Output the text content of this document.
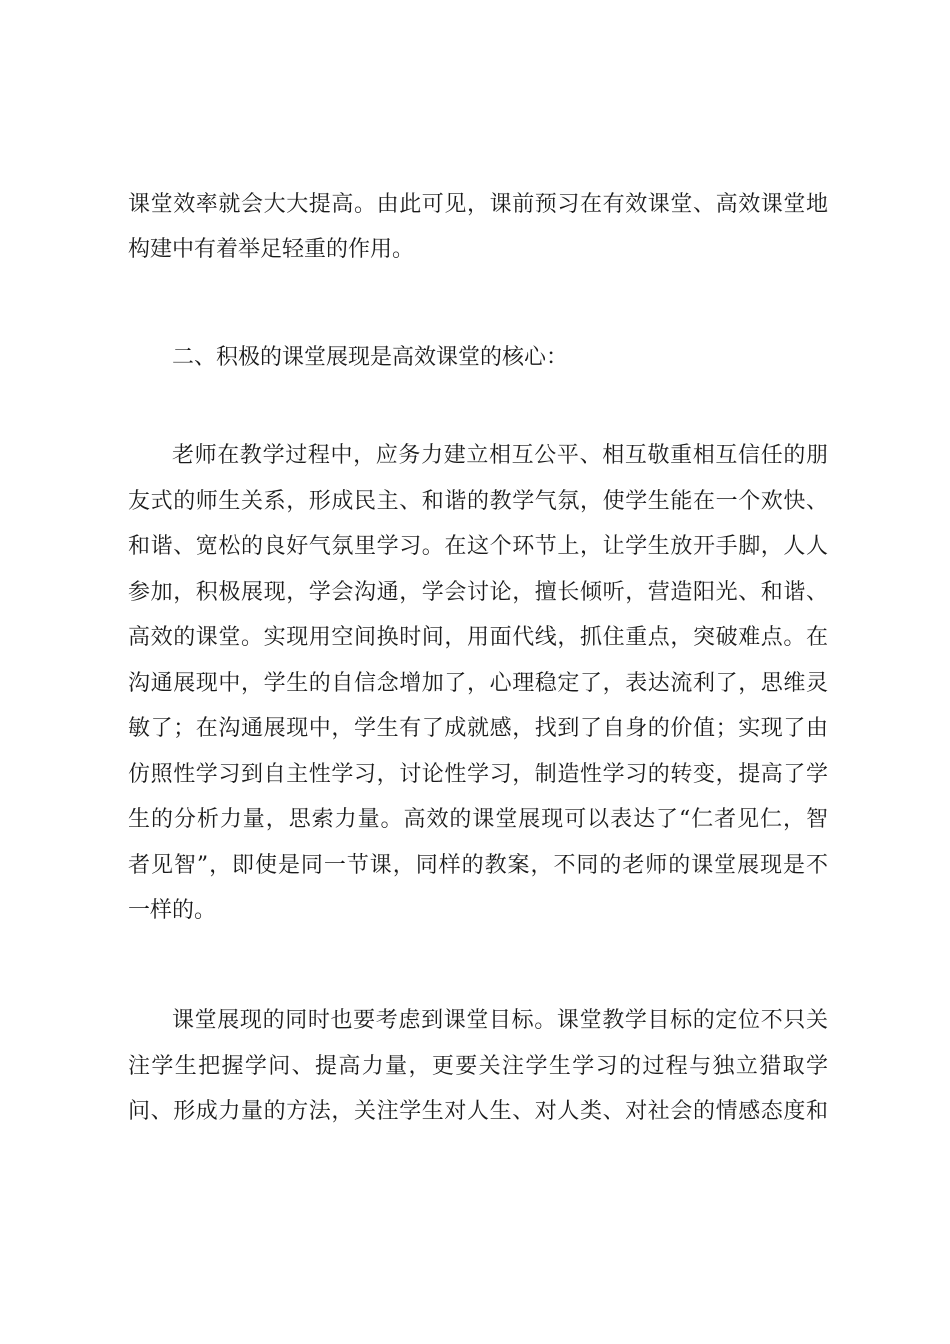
课堂效率就会大大提高。由此可见，课前预习在有效课堂、高效课堂地
构建中有着举足轻重的作用。
二、积极的课堂展现是高效课堂的核心：
老师在教学过程中，应务力建立相互公平、相互敬重相互信任的朋
友式的师生关系，形成民主、和谐的教学气氛，使学生能在一个欢快、
和谐、宽松的良好气氛里学习。在这个环节上，让学生放开手脚，人人
参加，积极展现，学会沟通，学会讨论，擅长倾听，营造阳光、和谐、
高效的课堂。实现用空间换时间，用面代线，抓住重点，突破难点。在
沟通展现中，学生的自信念增加了，心理稳定了，表达流利了，思维灵
敏了；在沟通展现中，学生有了成就感，找到了自身的价值；实现了由
仿照性学习到自主性学习，讨论性学习，制造性学习的转变，提高了学
生的分析力量，思索力量。高效的课堂展现可以表达了“仁者见仁，智
者见智”，即使是同一节课，同样的教案，不同的老师的课堂展现是不
一样的。
课堂展现的同时也要考虑到课堂目标。课堂教学目标的定位不只关
注学生把握学问、提高力量，更要关注学生学习的过程与独立猎取学
问、形成力量的方法，关注学生对人生、对人类、对社会的情感态度和
